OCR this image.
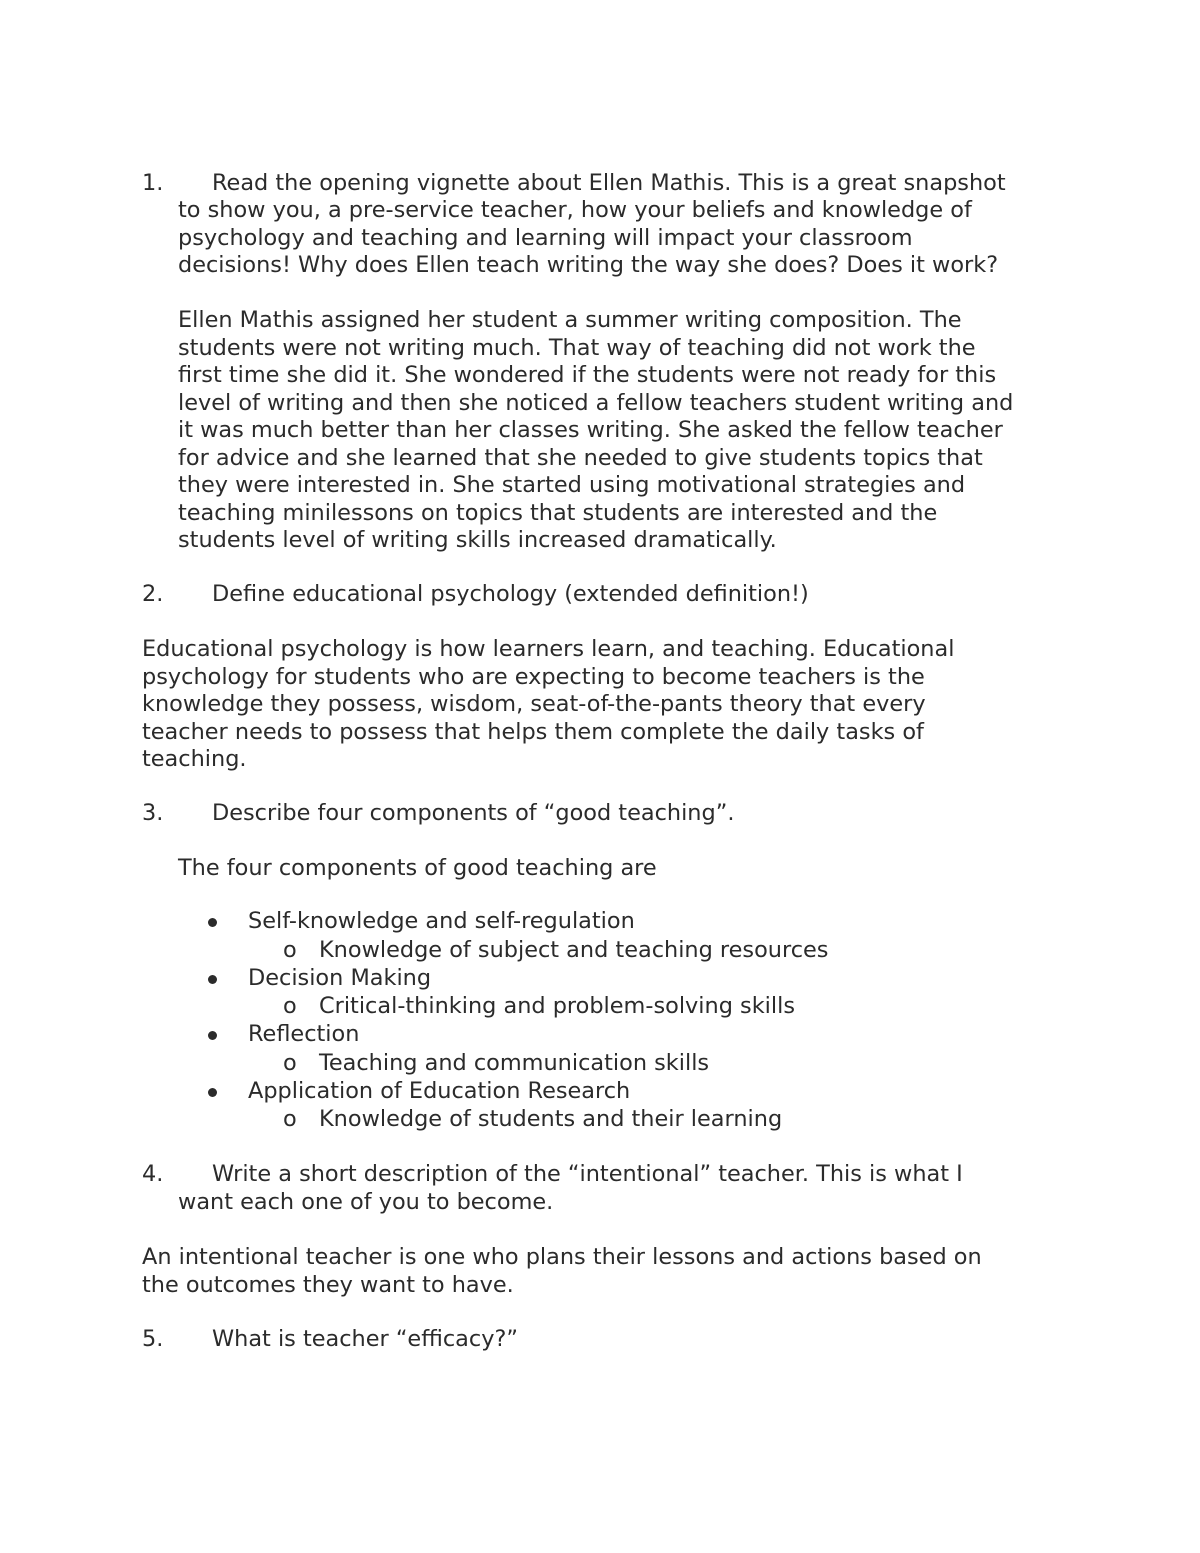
1. Read the opening vignette about Ellen Mathis. This is a great snapshot
to show you, a pre-service teacher, how your beliefs and knowledge of
psychology and teaching and learning will impact your classroom
decisions! Why does Ellen teach writing the way she does? Does it work?
Ellen Mathis assigned her student a summer writing composition. The
students were not writing much. That way of teaching did not work the
first time she did it. She wondered if the students were not ready for this
level of writing and then she noticed a fellow teachers student writing and
it was much better than her classes writing. She asked the fellow teacher
for advice and she learned that she needed to give students topics that
they were interested in. She started using motivational strategies and
teaching minilessons on topics that students are interested and the
students level of writing skills increased dramatically.
2. Define educational psychology (extended definition!)
Educational psychology is how learners learn, and teaching. Educational
psychology for students who are expecting to become teachers is the
knowledge they possess, wisdom, seat-of-the-pants theory that every
teacher needs to possess that helps them complete the daily tasks of
teaching.
3. Describe four components of “good teaching”.
The four components of good teaching are
Self-knowledge and self-regulation
o Knowledge of subject and teaching resources
Decision Making
o Critical-thinking and problem-solving skills
Reflection
o Teaching and communication skills
Application of Education Research
o Knowledge of students and their learning
4. Write a short description of the “intentional” teacher. This is what I
want each one of you to become.
An intentional teacher is one who plans their lessons and actions based on
the outcomes they want to have.
5. What is teacher “efficacy?”
